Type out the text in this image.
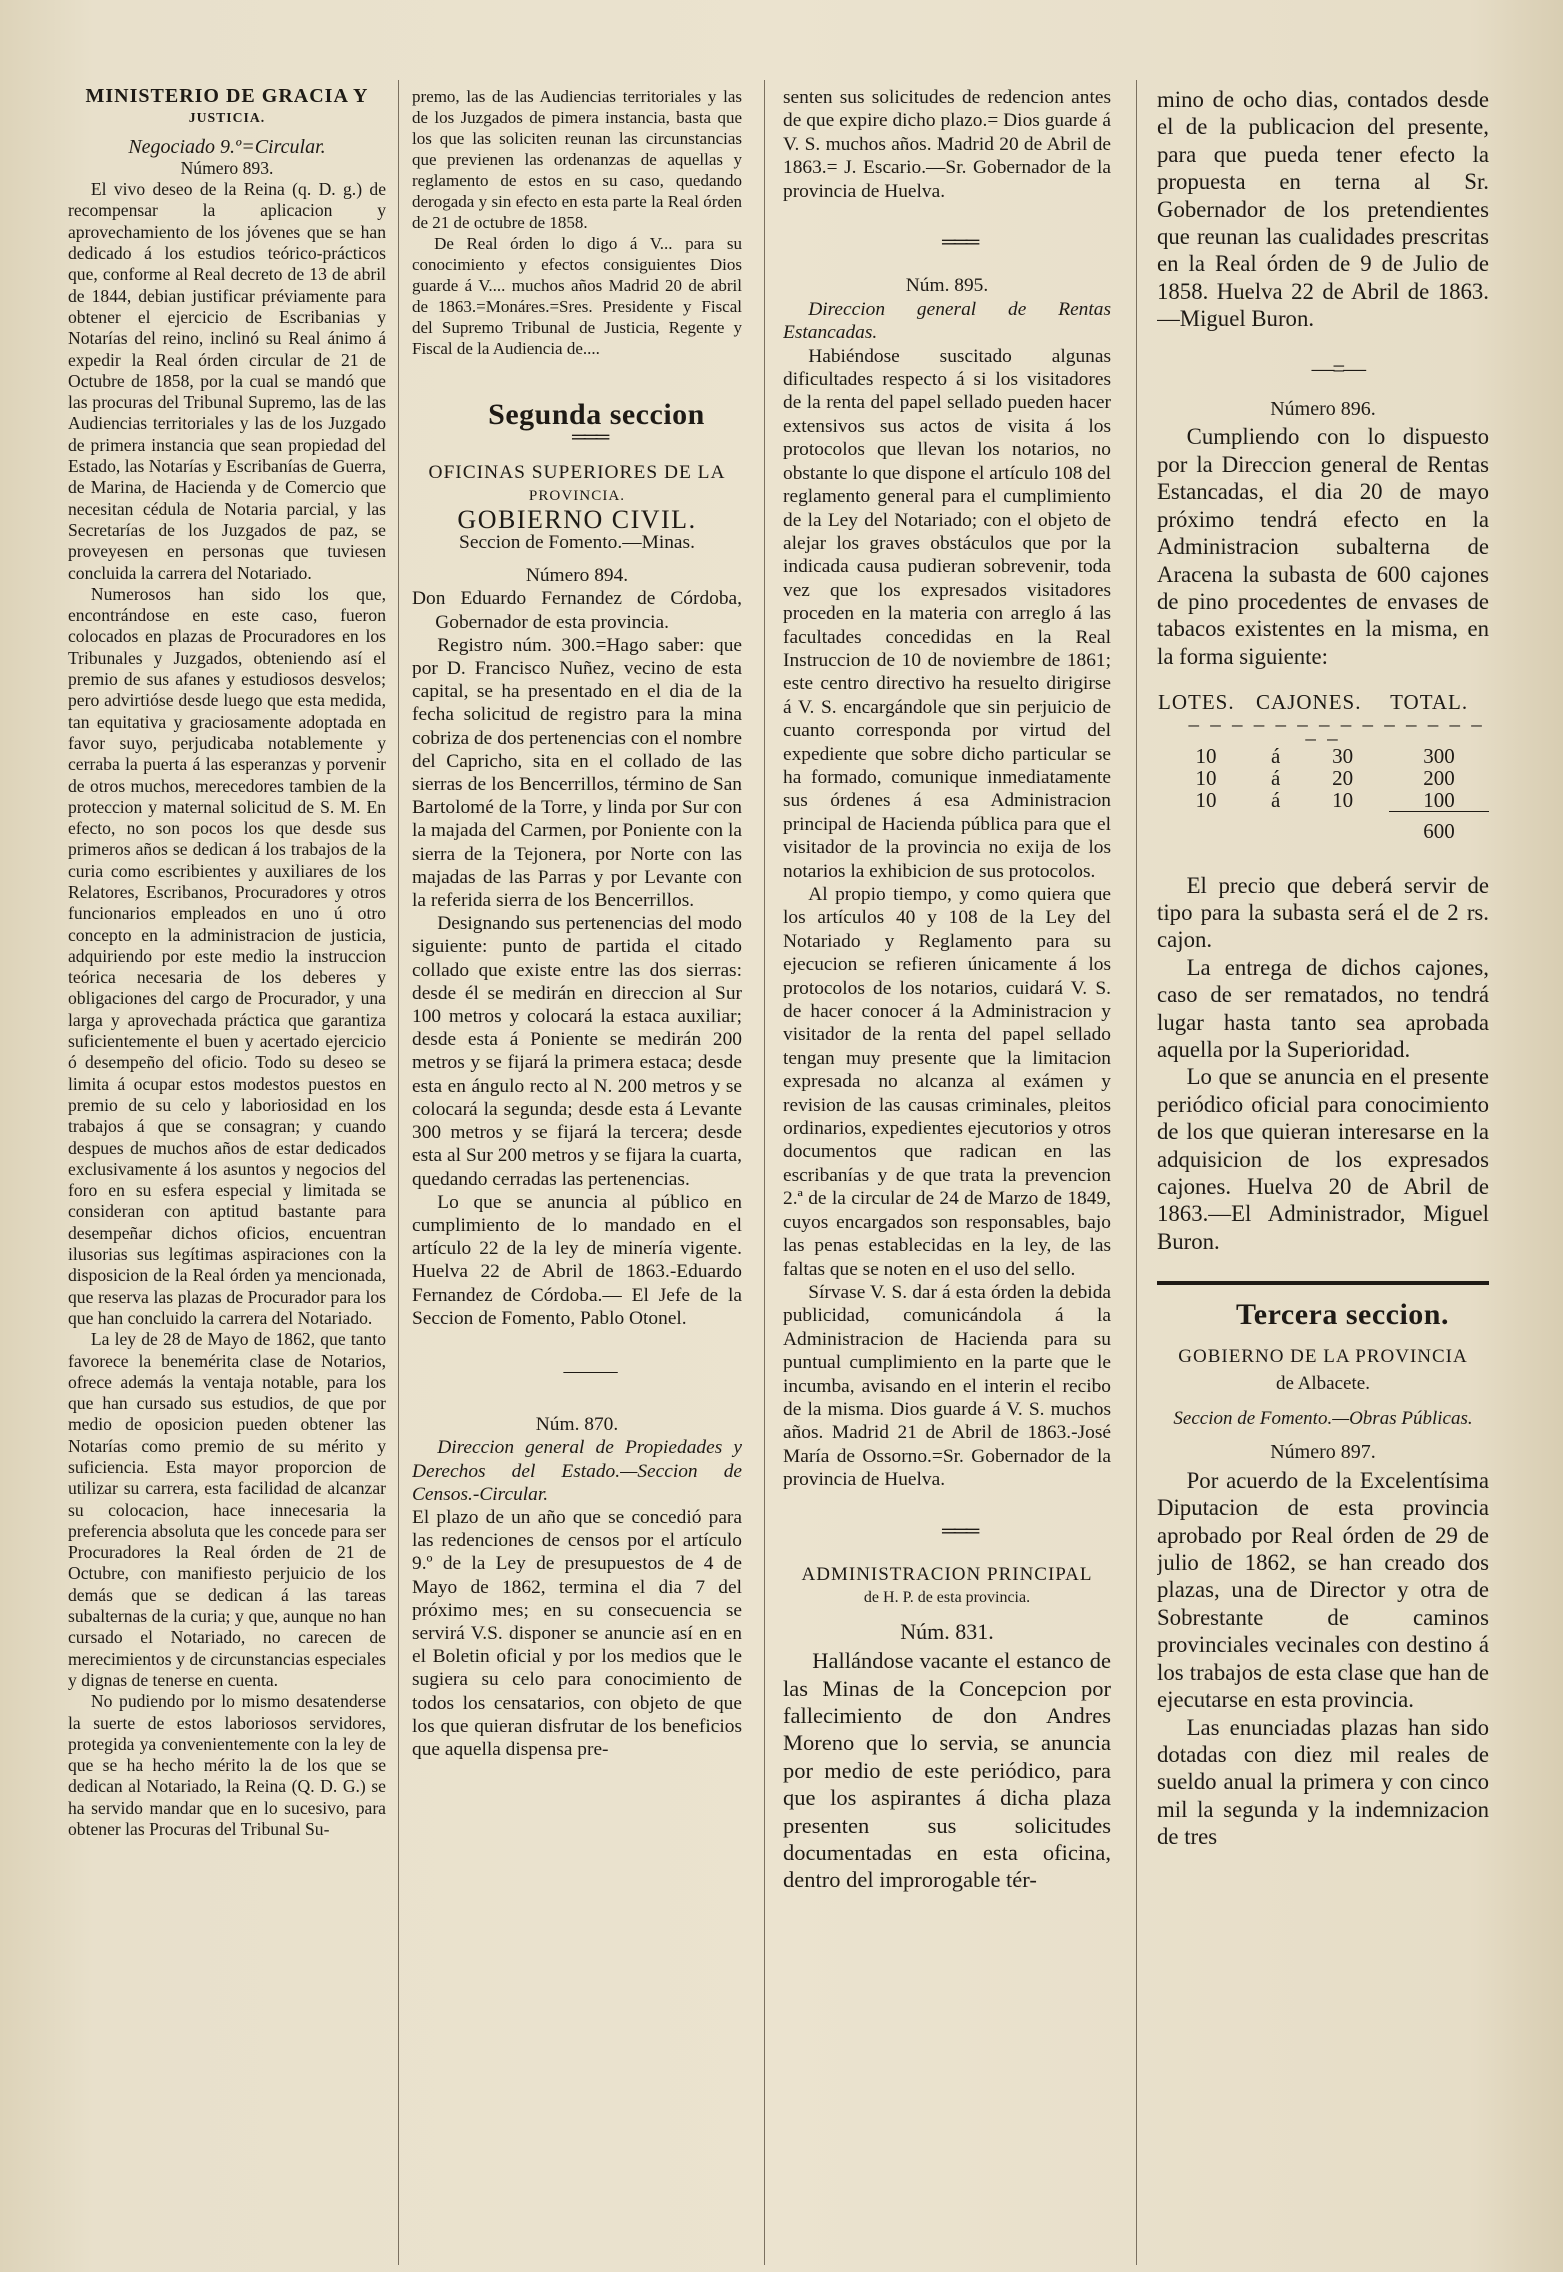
MINISTERIO DE GRACIA Y

JUSTICIA.

Negociado 9.º=Circular.

Número 893.

El vivo deseo de la Reina (q. D. g.) de recompensar la aplicacion y aprovechamiento de los jóvenes que se han dedicado á los estudios teórico-prácticos que, conforme al Real decreto de 13 de abril de 1844, debian justificar préviamente para obtener el ejercicio de Escribanias y Notarías del reino, inclinó su Real ánimo á expedir la Real órden circular de 21 de Octubre de 1858, por la cual se mandó que las procuras del Tribunal Supremo, las de las Audiencias territoriales y las de los Juzgado de primera instancia que sean propiedad del Estado, las Notarías y Escribanías de Guerra, de Marina, de Hacienda y de Comercio que necesitan cédula de Notaria parcial, y las Secretarías de los Juzgados de paz, se proveyesen en personas que tuviesen concluida la carrera del Notariado.

Numerosos han sido los que, encontrándose en este caso, fueron colocados en plazas de Procuradores en los Tribunales y Juzgados, obteniendo así el premio de sus afanes y estudiosos desvelos; pero advirtióse desde luego que esta medida, tan equitativa y graciosamente adoptada en favor suyo, perjudicaba notablemente y cerraba la puerta á las esperanzas y porvenir de otros muchos, merecedores tambien de la proteccion y maternal solicitud de S. M. En efecto, no son pocos los que desde sus primeros años se dedican á los trabajos de la curia como escribientes y auxiliares de los Relatores, Escribanos, Procuradores y otros funcionarios empleados en uno ú otro concepto en la administracion de justicia, adquiriendo por este medio la instruccion teórica necesaria de los deberes y obligaciones del cargo de Procurador, y una larga y aprovechada práctica que garantiza suficientemente el buen y acertado ejercicio ó desempeño del oficio. Todo su deseo se limita á ocupar estos modestos puestos en premio de su celo y laboriosidad en los trabajos á que se consagran; y cuando despues de muchos años de estar dedicados exclusivamente á los asuntos y negocios del foro en su esfera especial y limitada se consideran con aptitud bastante para desempeñar dichos oficios, encuentran ilusorias sus legítimas aspiraciones con la disposicion de la Real órden ya mencionada, que reserva las plazas de Procurador para los que han concluido la carrera del Notariado.

La ley de 28 de Mayo de 1862, que tanto favorece la benemérita clase de Notarios, ofrece además la ventaja notable, para los que han cursado sus estudios, de que por medio de oposicion pueden obtener las Notarías como premio de su mérito y suficiencia. Esta mayor proporcion de utilizar su carrera, esta facilidad de alcanzar su colocacion, hace innecesaria la preferencia absoluta que les concede para ser Procuradores la Real órden de 21 de Octubre, con manifiesto perjuicio de los demás que se dedican á las tareas subalternas de la curia; y que, aunque no han cursado el Notariado, no carecen de merecimientos y de circunstancias especiales y dignas de tenerse en cuenta.

No pudiendo por lo mismo desatenderse la suerte de estos laboriosos servidores, protegida ya convenientemente con la ley de que se ha hecho mérito la de los que se dedican al Notariado, la Reina (Q. D. G.) se ha servido mandar que en lo sucesivo, para obtener las Procuras del Tribunal Su-

premo, las de las Audiencias territoriales y las de los Juzgados de pimera instancia, basta que los que las soliciten reunan las circunstancias que previenen las ordenanzas de aquellas y reglamento de estos en su caso, quedando derogada y sin efecto en esta parte la Real órden de 21 de octubre de 1858.

De Real órden lo digo á V... para su conocimiento y efectos consiguientes Dios guarde á V.... muchos años Madrid 20 de abril de 1863.=Monáres.=Sres. Presidente y Fiscal del Supremo Tribunal de Justicia, Regente y Fiscal de la Audiencia de....

Segunda seccion

═══

OFICINAS SUPERIORES DE LA

PROVINCIA.

GOBIERNO CIVIL.

Seccion de Fomento.—Minas.

Número 894.

Don Eduardo Fernandez de Córdoba, Gobernador de esta provincia.

Registro núm. 300.=Hago saber: que por D. Francisco Nuñez, vecino de esta capital, se ha presentado en el dia de la fecha solicitud de registro para la mina cobriza de dos pertenencias con el nombre del Capricho, sita en el collado de las sierras de los Bencerrillos, término de San Bartolomé de la Torre, y linda por Sur con la majada del Carmen, por Poniente con la sierra de la Tejonera, por Norte con las majadas de las Parras y por Levante con la referida sierra de los Bencerrillos.

Designando sus pertenencias del modo siguiente: punto de partida el citado collado que existe entre las dos sierras: desde él se medirán en direccion al Sur 100 metros y colocará la estaca auxiliar; desde esta á Poniente se medirán 200 metros y se fijará la primera estaca; desde esta en ángulo recto al N. 200 metros y se colocará la segunda; desde esta á Levante 300 metros y se fijará la tercera; desde esta al Sur 200 metros y se fijara la cuarta, quedando cerradas las pertenencias.

Lo que se anuncia al público en cumplimiento de lo mandado en el artículo 22 de la ley de minería vigente. Huelva 22 de Abril de 1863.-Eduardo Fernandez de Córdoba.— El Jefe de la Seccion de Fomento, Pablo Otonel.

———

Núm. 870.

Direccion general de Propiedades y Derechos del Estado.—Seccion de Censos.-Circular.

El plazo de un año que se concedió para las redenciones de censos por el artículo 9.º de la Ley de presupuestos de 4 de Mayo de 1862, termina el dia 7 del próximo mes; en su consecuencia se servirá V.S. disponer se anuncie así en en el Boletin oficial y por los medios que le sugiera su celo para conocimiento de todos los censatarios, con objeto de que los que quieran disfrutar de los beneficios que aquella dispensa pre-

senten sus solicitudes de redencion antes de que expire dicho plazo.= Dios guarde á V. S. muchos años. Madrid 20 de Abril de 1863.= J. Escario.—Sr. Gobernador de la provincia de Huelva.

═══

Núm. 895.

Direccion general de Rentas Estancadas.

Habiéndose suscitado algunas dificultades respecto á si los visitadores de la renta del papel sellado pueden hacer extensivos sus actos de visita á los protocolos que llevan los notarios, no obstante lo que dispone el artículo 108 del reglamento general para el cumplimiento de la Ley del Notariado; con el objeto de alejar los graves obstáculos que por la indicada causa pudieran sobrevenir, toda vez que los expresados visitadores proceden en la materia con arreglo á las facultades concedidas en la Real Instruccion de 10 de noviembre de 1861; este centro directivo ha resuelto dirigirse á V. S. encargándole que sin perjuicio de cuanto corresponda por virtud del expediente que sobre dicho particular se ha formado, comunique inmediatamente sus órdenes á esa Administracion principal de Hacienda pública para que el visitador de la provincia no exija de los notarios la exhibicion de sus protocolos.

Al propio tiempo, y como quiera que los artículos 40 y 108 de la Ley del Notariado y Reglamento para su ejecucion se refieren únicamente á los protocolos de los notarios, cuidará V. S. de hacer conocer á la Administracion y visitador de la renta del papel sellado tengan muy presente que la limitacion expresada no alcanza al exámen y revision de las causas criminales, pleitos ordinarios, expedientes ejecutorios y otros documentos que radican en las escribanías y de que trata la prevencion 2.ª de la circular de 24 de Marzo de 1849, cuyos encargados son responsables, bajo las penas establecidas en la ley, de las faltas que se noten en el uso del sello.

Sírvase V. S. dar á esta órden la debida publicidad, comunicándola á la Administracion de Hacienda para su puntual cumplimiento en la parte que le incumba, avisando en el interin el recibo de la misma. Dios guarde á V. S. muchos años. Madrid 21 de Abril de 1863.-José María de Ossorno.=Sr. Gobernador de la provincia de Huelva.

═══

ADMINISTRACION PRINCIPAL

de H. P. de esta provincia.

Núm. 831.

Hallándose vacante el estanco de las Minas de la Concepcion por fallecimiento de don Andres Moreno que lo servia, se anuncia por medio de este periódico, para que los aspirantes á dicha plaza presenten sus solicitudes documentadas en esta oficina, dentro del improrogable tér-

mino de ocho dias, contados desde el de la publicacion del presente, para que pueda tener efecto la propuesta en terna al Sr. Gobernador de los pretendientes que reunan las cualidades prescritas en la Real órden de 9 de Julio de 1858. Huelva 22 de Abril de 1863.—Miguel Buron.

—=—

Número 896.

Cumpliendo con lo dispuesto por la Direccion general de Rentas Estancadas, el dia 20 de mayo próximo tendrá efecto en la Administracion subalterna de Aracena la subasta de 600 cajones de pino procedentes de envases de tabacos existentes en la misma, en la forma siguiente:

LOTES.	CAJONES.		TOTAL.

– – – – – – – – – – – – – – – –			

10	á	30	300
10	á	20	200
10	á	10	100
			600

El precio que deberá servir de tipo para la subasta será el de 2 rs. cajon.

La entrega de dichos cajones, caso de ser rematados, no tendrá lugar hasta tanto sea aprobada aquella por la Superioridad.

Lo que se anuncia en el presente periódico oficial para conocimiento de los que quieran interesarse en la adquisicion de los expresados cajones. Huelva 20 de Abril de 1863.—El Administrador, Miguel Buron.

Tercera seccion.

GOBIERNO DE LA PROVINCIA

de Albacete.

Seccion de Fomento.—Obras Públicas.

Número 897.

Por acuerdo de la Excelentísima Diputacion de esta provincia aprobado por Real órden de 29 de julio de 1862, se han creado dos plazas, una de Director y otra de Sobrestante de caminos provinciales vecinales con destino á los trabajos de esta clase que han de ejecutarse en esta provincia.

Las enunciadas plazas han sido dotadas con diez mil reales de sueldo anual la primera y con cinco mil la segunda y la indemnizacion de tres
